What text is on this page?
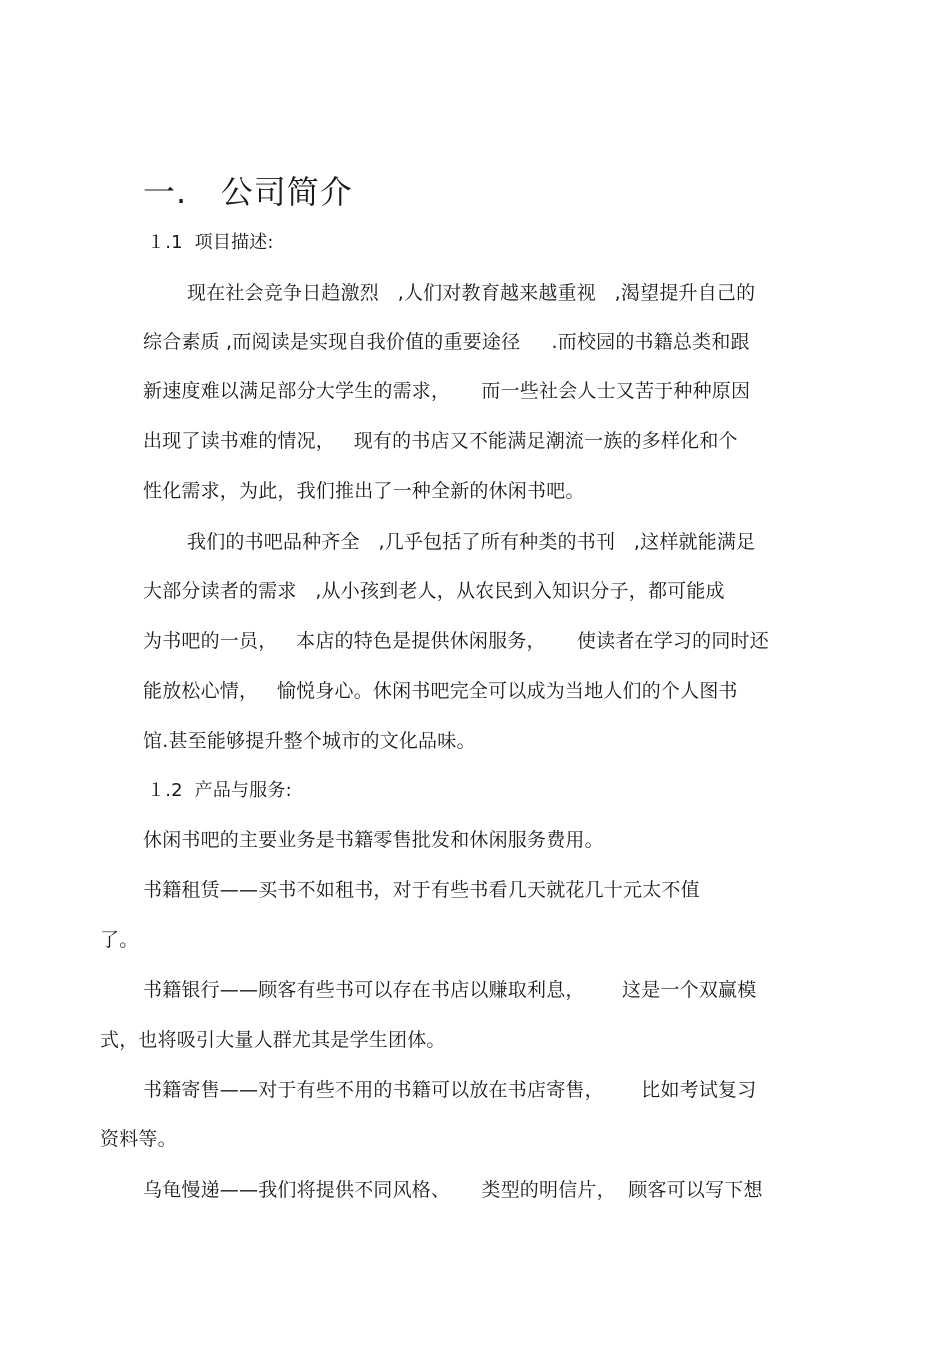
一.   公司简介
１.1  项目描述:
现在社会竞争日趋激烈   ,人们对教育越来越重视   ,渴望提升自己的
综合素质 ,而阅读是实现自我价值的重要途径     .而校园的书籍总类和跟
新速度难以满足部分大学生的需求，     而一些社会人士又苦于种种原因
出现了读书难的情况，   现有的书店又不能满足潮流一族的多样化和个
性化需求，为此，我们推出了一种全新的休闲书吧。
我们的书吧品种齐全   ,几乎包括了所有种类的书刊   ,这样就能满足
大部分读者的需求   ,从小孩到老人，从农民到入知识分子，都可能成
为书吧的一员，   本店的特色是提供休闲服务，     使读者在学习的同时还
能放松心情，   愉悦身心。休闲书吧完全可以成为当地人们的个人图书
馆.甚至能够提升整个城市的文化品味。
１.2  产品与服务:
休闲书吧的主要业务是书籍零售批发和休闲服务费用。
书籍租赁——买书不如租书，对于有些书看几天就花几十元太不值
了。
书籍银行——顾客有些书可以存在书店以赚取利息，      这是一个双赢模
式，也将吸引大量人群尤其是学生团体。
书籍寄售——对于有些不用的书籍可以放在书店寄售，      比如考试复习
资料等。
乌龟慢递——我们将提供不同风格、     类型的明信片，  顾客可以写下想
